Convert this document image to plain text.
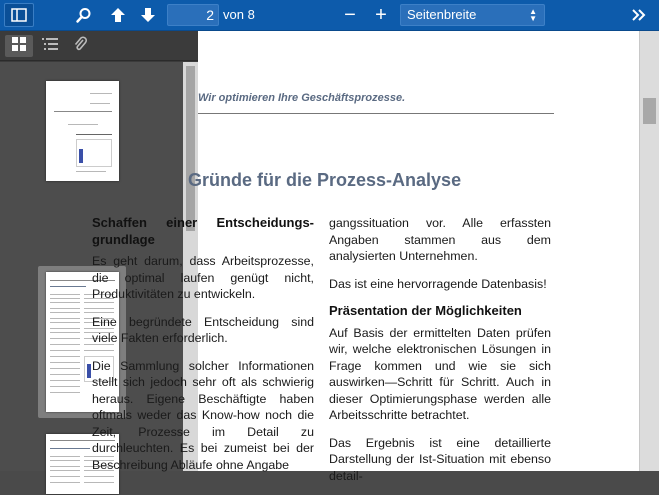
2 von 8	− +	Seitenbreite	▲
▼
Wir optimieren Ihre Geschäftsprozesse.
Gründe für die Prozess-Analyse
Schaffen einer Entscheidungs-grundlage

Es geht darum, dass Arbeitsprozesse, die optimal laufen genügt nicht, Produktivitäten zu entwickeln.

Eine begründete Entscheidung sind viele Fakten erforderlich.

Die Sammlung solcher Informationen stellt sich jedoch sehr oft als schwierig heraus. Eigene Beschäftigte haben oftmals weder das Know-how noch die Zeit, Prozesse im Detail zu durchleuchten. Es bei zumeist bei der Beschreibung Abläufe ohne Angabe

gangssituation vor. Alle erfassten Angaben stammen aus dem analysierten Unternehmen.

Das ist eine hervorragende Datenbasis!

Präsentation der Möglichkeiten

Auf Basis der ermittelten Daten prüfen wir, welche elektronischen Lösungen in Frage kommen und wie sie sich auswirken—Schritt für Schritt. Auch in dieser Optimierungsphase werden alle Arbeitsschritte betrachtet.

Das Ergebnis ist eine detaillierte Darstellung der Ist-Situation mit ebenso detail-
